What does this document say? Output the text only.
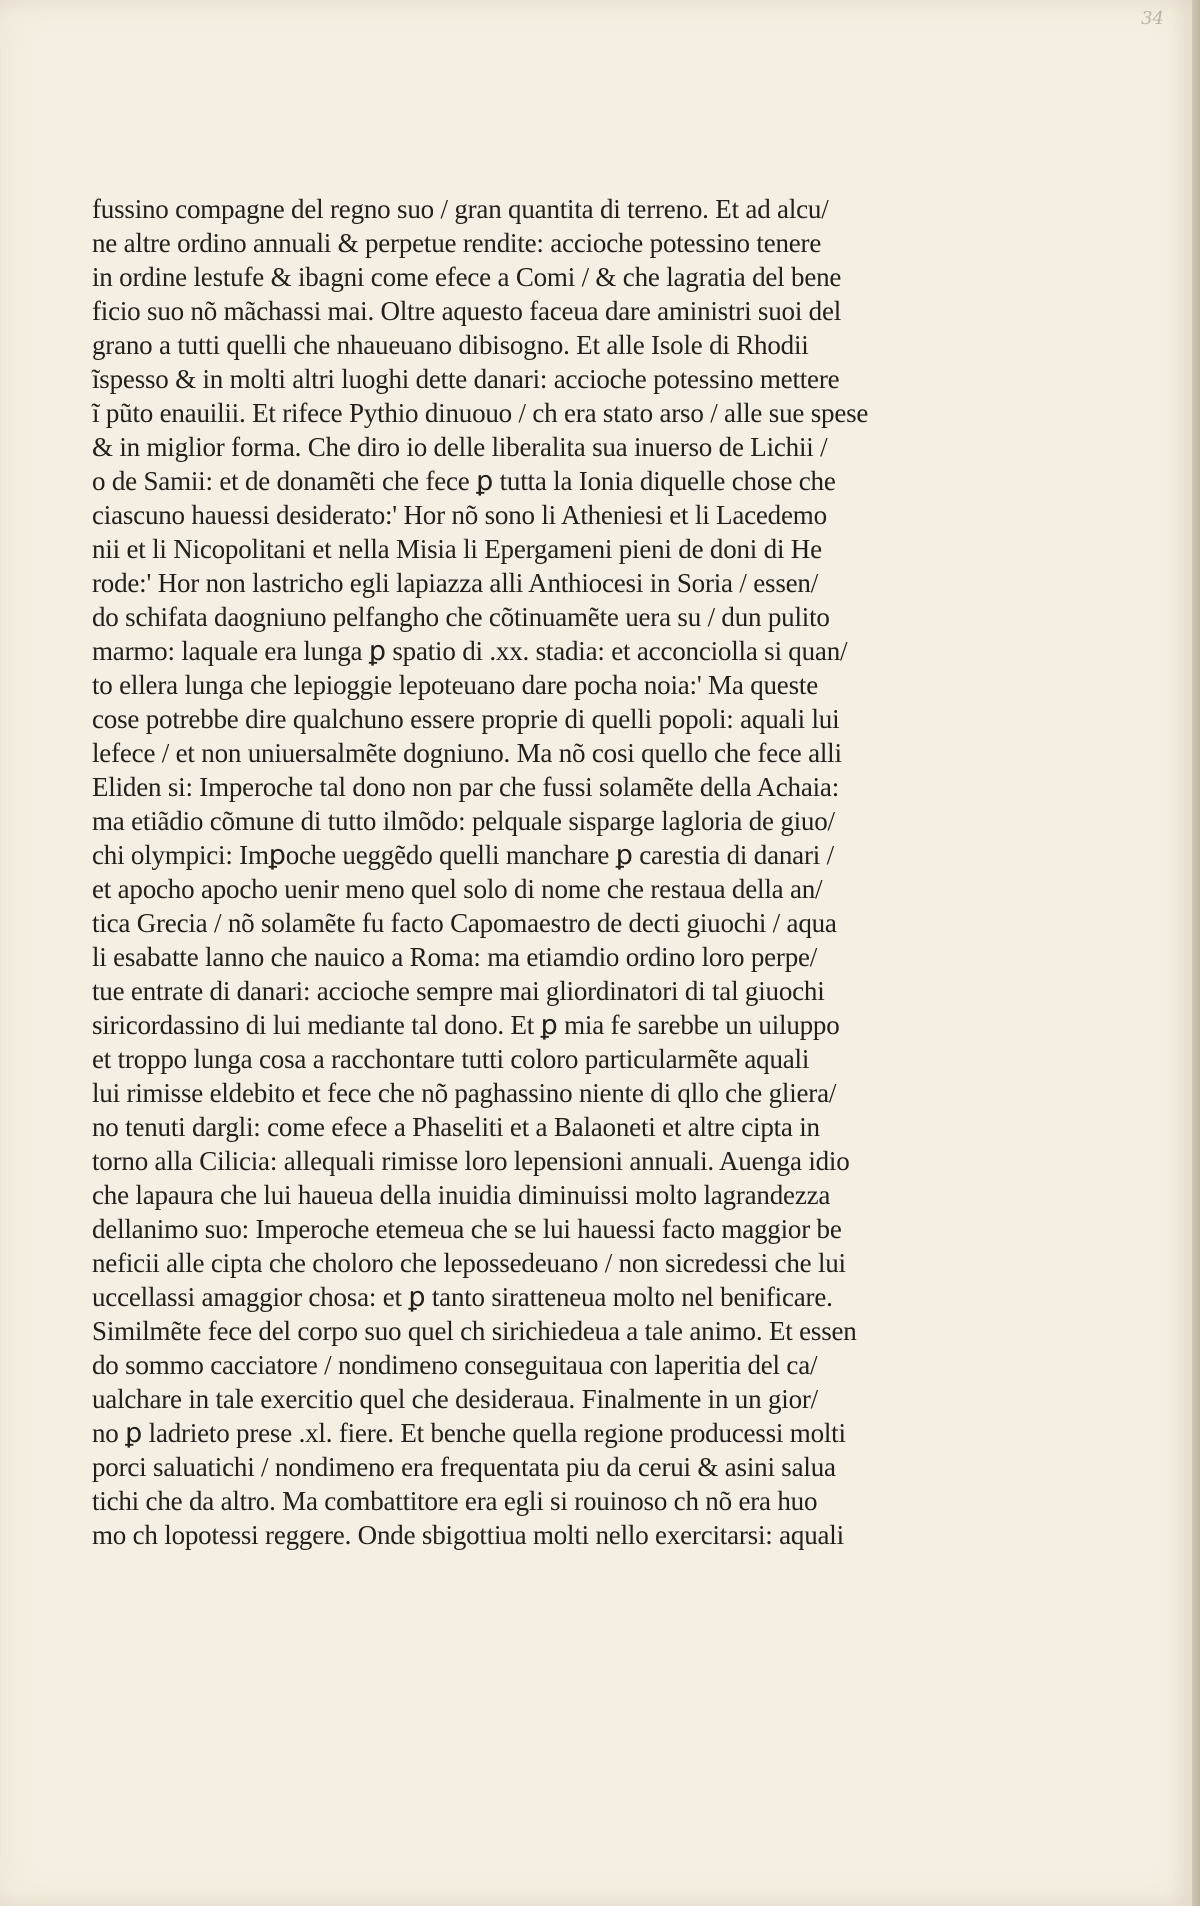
34
fussino compagne del regno suo / gran quantita di terreno. Et ad alcu/
ne altre ordino annuali & perpetue rendite: accioche potessino tenere
in ordine lestufe & ibagni come efece a Comi / & che lagratia del bene
ficio suo nõ mãchassi mai. Oltre aquesto faceua dare aministri suoi del
grano a tutti quelli che nhaueuano dibisogno. Et alle Isole di Rhodii
ĩspesso & in molti altri luoghi dette danari: accioche potessino mettere
ĩ pũto enauilii. Et rifece Pythio dinuouo / ch era stato arso / alle sue spese
& in miglior forma. Che diro io delle liberalita sua inuerso de Lichii /
o de Samii: et de donamẽti che fece ꝑ tutta la Ionia diquelle chose che
ciascuno hauessi desiderato:' Hor nõ sono li Atheniesi et li Lacedemo
nii et li Nicopolitani et nella Misia li Epergameni pieni de doni di He
rode:' Hor non lastricho egli lapiazza alli Anthiocesi in Soria / essen/
do schifata daogniuno pelfangho che cõtinuamẽte uera su / dun pulito
marmo: laquale era lunga ꝑ spatio di .xx. stadia: et acconciolla si quan/
to ellera lunga che lepioggie lepoteuano dare pocha noia:' Ma queste
cose potrebbe dire qualchuno essere proprie di quelli popoli: aquali lui
lefece / et non uniuersalmẽte dogniuno. Ma nõ cosi quello che fece alli
Eliden si: Imperoche tal dono non par che fussi solamẽte della Achaia:
ma etiãdio cõmune di tutto ilmõdo: pelquale sisparge lagloria de giuo/
chi olympici: Imꝑoche ueggẽdo quelli manchare ꝑ carestia di danari /
et apocho apocho uenir meno quel solo di nome che restaua della an/
tica Grecia / nõ solamẽte fu facto Capomaestro de decti giuochi / aqua
li esabatte lanno che nauico a Roma: ma etiamdio ordino loro perpe/
tue entrate di danari: accioche sempre mai gliordinatori di tal giuochi
siricordassino di lui mediante tal dono. Et ꝑ mia fe sarebbe un uiluppo
et troppo lunga cosa a racchontare tutti coloro particularmẽte aquali
lui rimisse eldebito et fece che nõ paghassino niente di qllo che gliera/
no tenuti dargli: come efece a Phaseliti et a Balaoneti et altre cipta in
torno alla Cilicia: allequali rimisse loro lepensioni annuali. Auenga idio
che lapaura che lui haueua della inuidia diminuissi molto lagrandezza
dellanimo suo: Imperoche etemeua che se lui hauessi facto maggior be
neficii alle cipta che choloro che lepossedeuano / non sicredessi che lui
uccellassi amaggior chosa: et ꝑ tanto siratteneua molto nel benificare.
Similmẽte fece del corpo suo quel ch sirichiedeua a tale animo. Et essen
do sommo cacciatore / nondimeno conseguitaua con laperitia del ca/
ualchare in tale exercitio quel che desideraua. Finalmente in un gior/
no ꝑ ladrieto prese .xl. fiere. Et benche quella regione producessi molti
porci saluatichi / nondimeno era frequentata piu da cerui & asini salua
tichi che da altro. Ma combattitore era egli si rouinoso ch nõ era huo
mo ch lopotessi reggere. Onde sbigottiua molti nello exercitarsi: aquali
